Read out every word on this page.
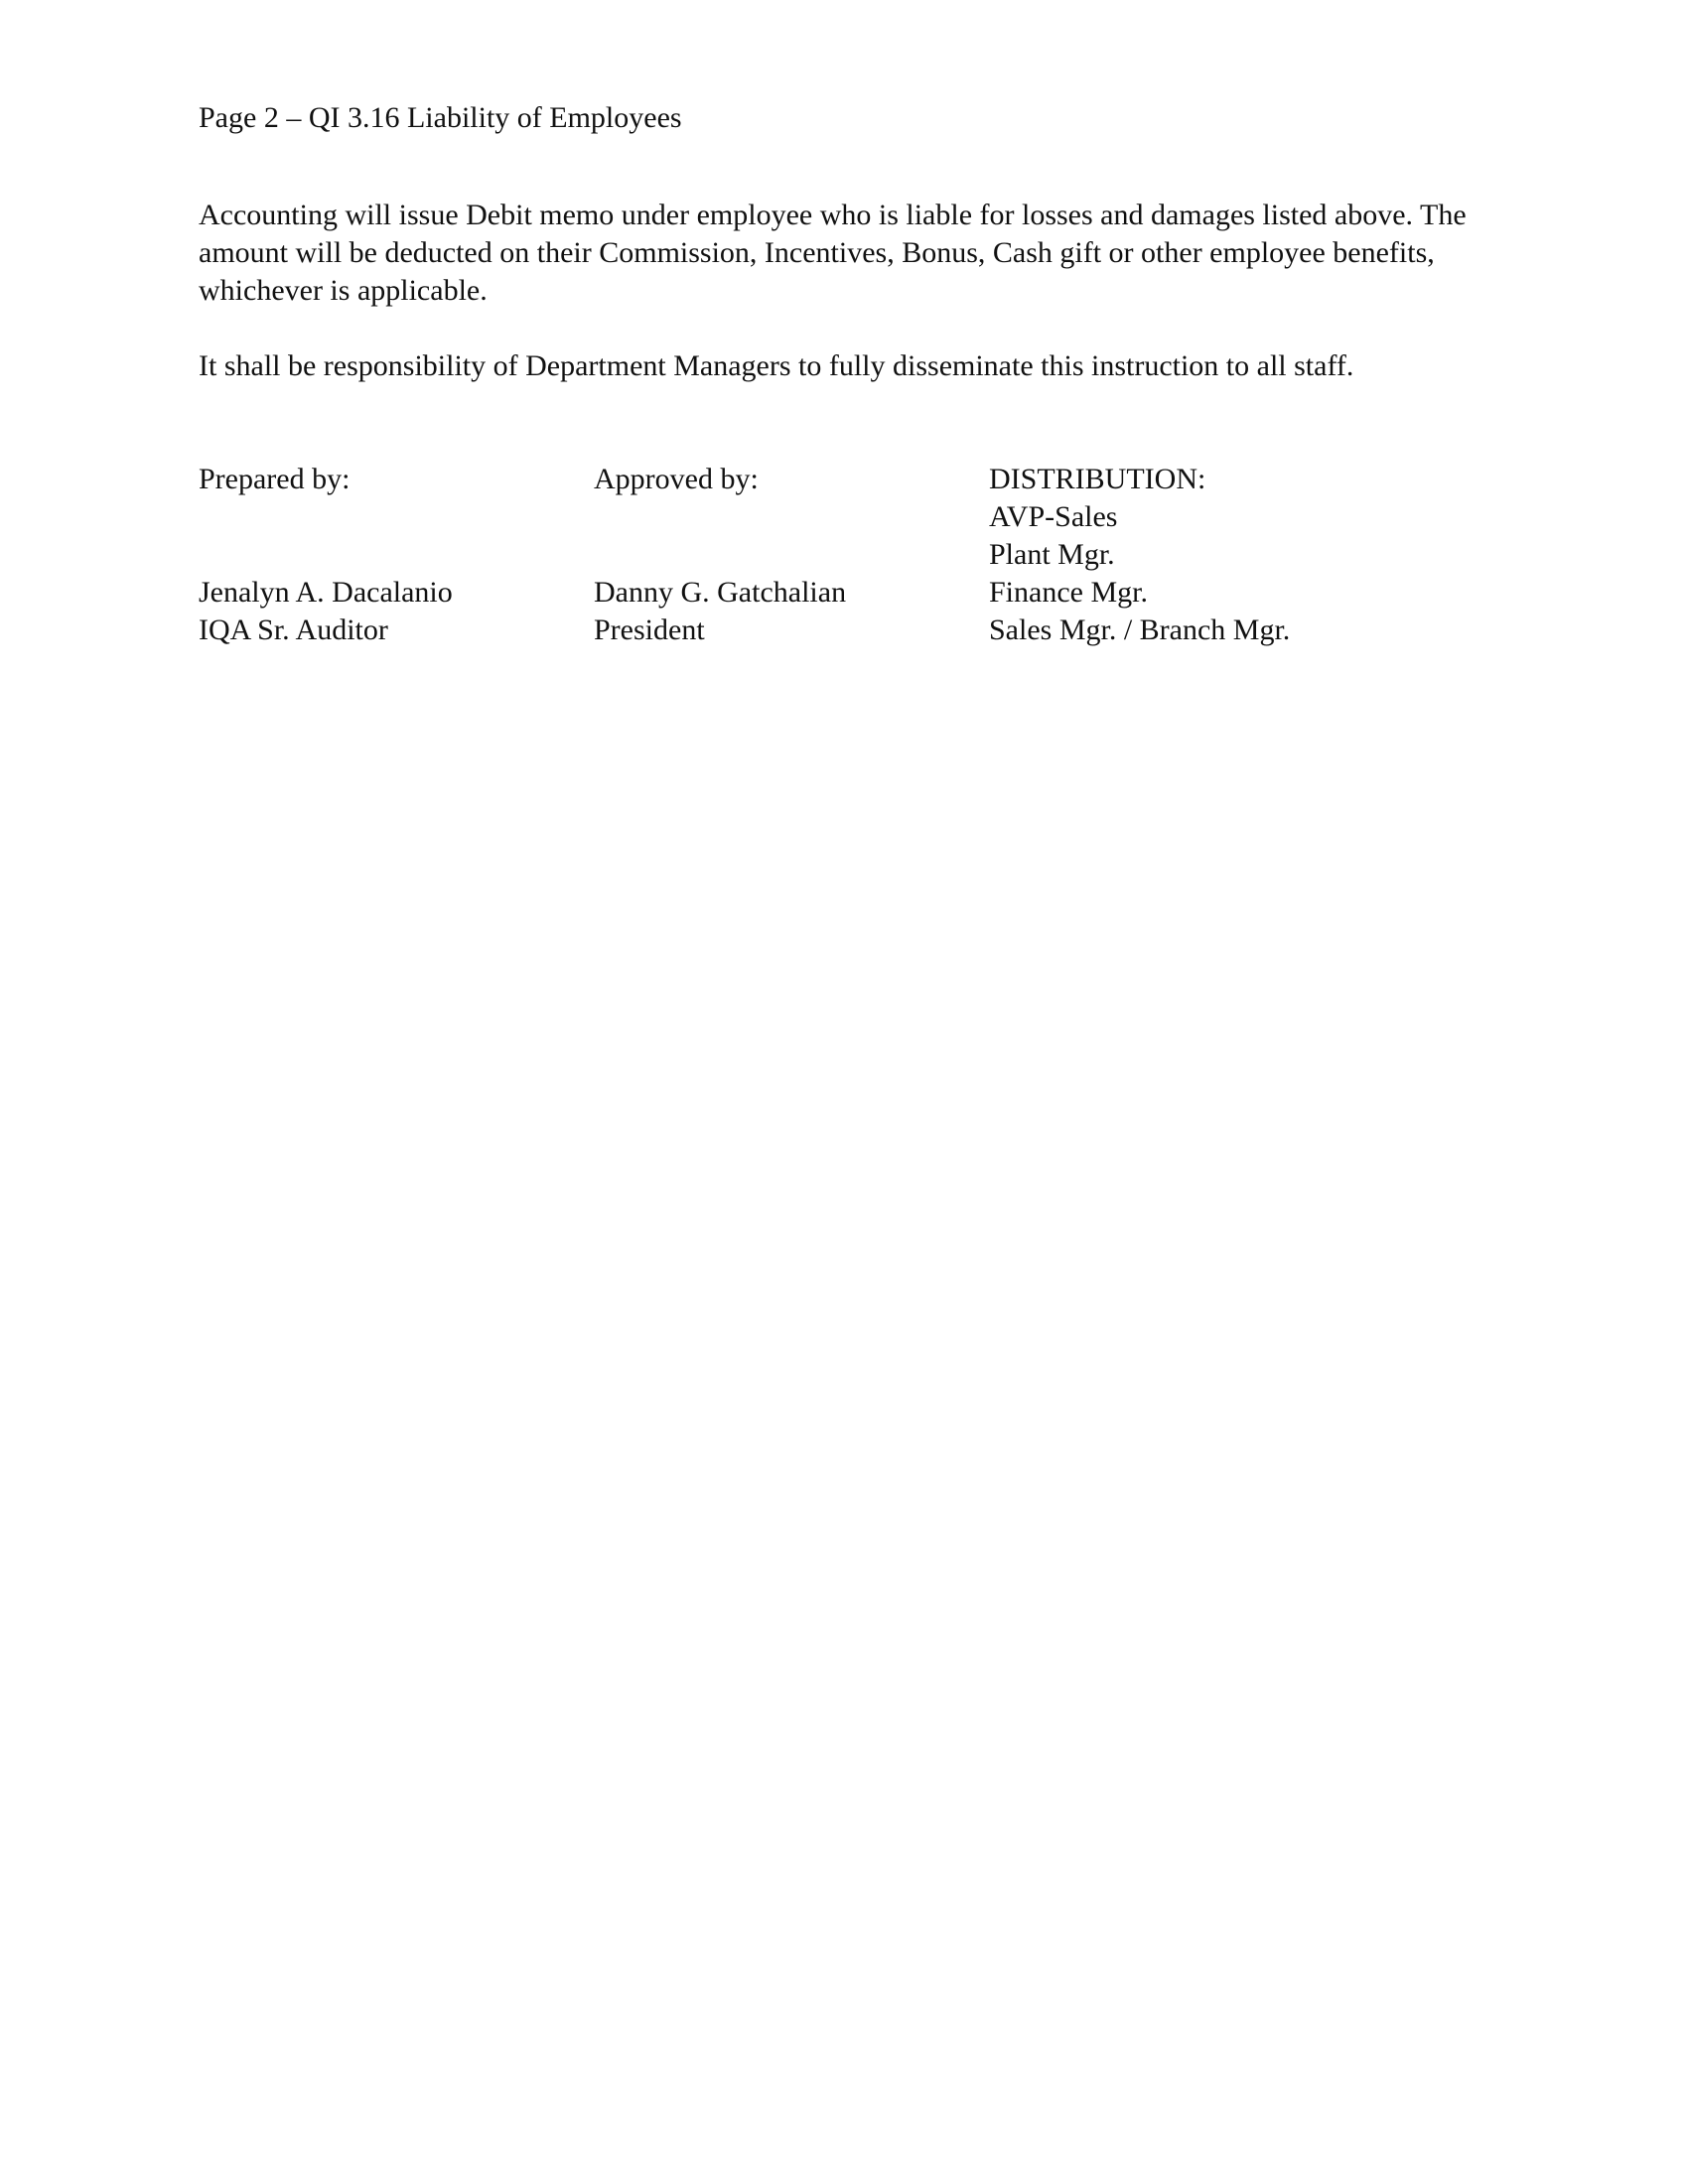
Page 2 – QI 3.16 Liability of Employees

Accounting will issue Debit memo under employee who is liable for losses and damages listed above. The amount will be deducted on their Commission, Incentives, Bonus, Cash gift or other employee benefits, whichever is applicable.

It shall be responsibility of Department Managers to fully disseminate this instruction to all staff.

Prepared by:
Jenalyn A. Dacalanio
IQA Sr. Auditor
Approved by:
Danny G. Gatchalian
President
DISTRIBUTION:
AVP-Sales
Plant Mgr.
Finance Mgr.
Sales Mgr. / Branch Mgr.
